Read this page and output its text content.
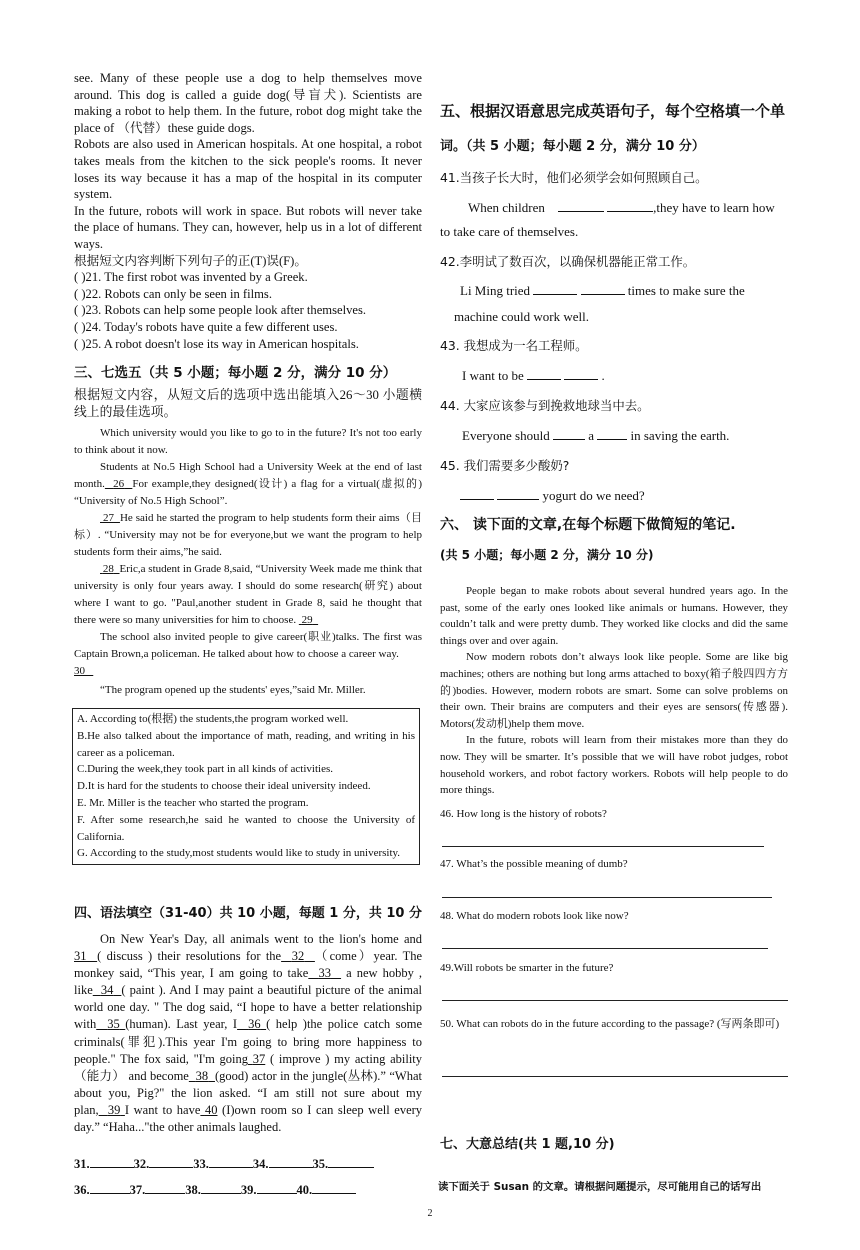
see. Many of these people use a dog to help themselves move around. This dog is called a guide dog(导盲犬). Scientists are making a robot to help them. In the future, robot dog might take the place of （代替）these guide dogs.

Robots are also used in American hospitals. At one hospital, a robot takes meals from the kitchen to the sick people's rooms. It never loses its way because it has a map of the hospital in its computer system.

In the future, robots will work in space. But robots will never take the place of humans. They can, however, help us in a lot of different ways.

根据短文内容判断下列句子的正(T)误(F)。

( )21. The first robot was invented by a Greek.

( )22. Robots can only be seen in films.

( )23. Robots can help some people look after themselves.

( )24. Today's robots have quite a few different uses.

( )25. A robot doesn't lose its way in American hospitals.

三、七选五（共 5 小题；每小题 2 分，满分 10 分）
根据短文内容，从短文后的选项中选出能填入26～30 小题横线上的最佳选项。

Which university would you like to go to in the future? It's not too early to think about it now.

Students at No.5 High School had a University Week at the end of last month. 26 For example,they designed(设计) a flag for a virtual(虚拟的) “University of No.5 High School”.

27 He said he started the program to help students form their aims（目标）. “University may not be for everyone,but we want the program to help students form their aims,”he said.

28 Eric,a student in Grade 8,said, “University Week made me think that university is only four years away. I should do some research(研究) about where I want to go. "Paul,another student in Grade 8, said he thought that there were so many universities for him to choose. 29

The school also invited people to give career(职业)talks. The first was Captain Brown,a policeman. He talked about how to choose a career way.

30

“The program opened up the students' eyes,”said Mr. Miller.

A. According to(根据) the students,the program worked well.

B.He also talked about the importance of math, reading, and writing in his career as a policeman.

C.During the week,they took part in all kinds of activities.

D.It is hard for the students to choose their ideal university indeed.

E. Mr. Miller is the teacher who started the program.

F. After some research,he said he wanted to choose the University of California.

G. According to the study,most students would like to study in university.

四、语法填空（31-40）共 10 小题，每题 1 分，共 10 分

On New Year's Day, all animals went to the lion's home and 31 ( discuss ) their resolutions for the 32 （come）year. The monkey said, “This year, I am going to take 33 a new hobby , like 34 ( paint ). And I may paint a beautiful picture of the animal world one day. " The dog said, “I hope to have a better relationship with 35 (human). Last year, I 36 ( help )the police catch some criminals(罪犯).This year I'm going to bring more happiness to people." The fox said, "I'm going 37 ( improve ) my acting ability（能力） and become 38 (good) actor in the jungle(丛林).” “What about you, Pig?" the lion asked. “I am still not sure about my plan, 39 I want to have 40 (I)own room so I can sleep well every day.” “Haha..."the other animals laughed.

31.	32.	33.	34.	35.
36.	37.	38.	39.	40.
五、根据汉语意思完成英语句子，每个空格填一个单
词。（共 5 小题；每小题 2 分，满分 10 分）
41.当孩子长大时，他们必须学会如何照顾自己。
When children	,they have to learn how
to take care of themselves.
42.李明试了数百次，以确保机器能正常工作。
Li Ming tried	times to make sure the
machine could work well.
43. 我想成为一名工程师。
I want to be	.
44. 大家应该参与到挽救地球当中去。
Everyone should	a	in saving the earth.
45. 我们需要多少酸奶?
yogurt do we need?
六、 读下面的文章,在每个标题下做简短的笔记.
(共 5 小题；每小题 2 分，满分 10 分)

People began to make robots about several hundred years ago. In the past, some of the early ones looked like animals or humans. However, they couldn’t talk and were pretty dumb. They worked like clocks and did the same things over and over again.

Now modern robots don’t always look like people. Some are like big machines; others are nothing but long arms attached to boxy(箱子般四四方方的)bodies. However, modern robots are smart. Some can solve problems on their own. Their brains are computers and their eyes are sensors(传感器). Motors(发动机)help them move.

In the future, robots will learn from their mistakes more than they do now. They will be smarter. It’s possible that we will have robot judges, robot household workers, and robot factory workers. Robots will help people to do more things.

46. How long is the history of robots?
47. What’s the possible meaning of dumb?
48. What do modern robots look like now?
49.Will robots be smarter in the future?
50. What can robots do in the future according to the passage? (写两条即可)
七、大意总结(共 1 题,10 分)
读下面关于 Susan 的文章。请根据问题提示，尽可能用自己的话写出
2
